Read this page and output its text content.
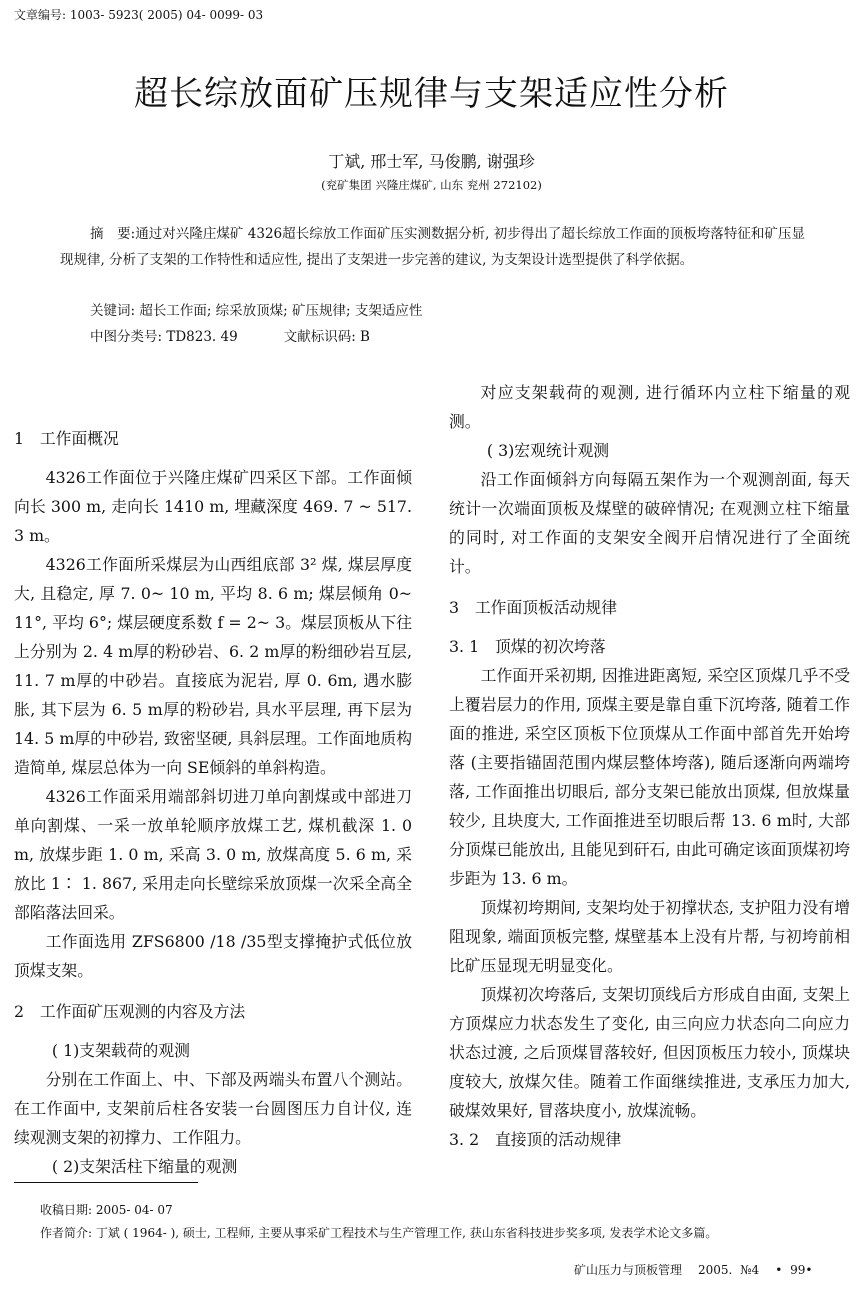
文章编号: 1003- 5923( 2005) 04- 0099- 03
超长综放面矿压规律与支架适应性分析
丁斌, 邢士军, 马俊鹏, 谢强珍
(兖矿集团 兴隆庄煤矿, 山东 兖州 272102)
摘　要:通过对兴隆庄煤矿 4326超长综放工作面矿压实测数据分析, 初步得出了超长综放工作面的顶板垮落特征和矿压显现规律, 分析了支架的工作特性和适应性, 提出了支架进一步完善的建议, 为支架设计选型提供了科学依据。
关键词: 超长工作面; 综采放顶煤; 矿压规律; 支架适应性
中图分类号: TD823. 49	文献标识码: B
1　工作面概况

4326工作面位于兴隆庄煤矿四采区下部。工作面倾向长 300 m, 走向长 1410 m, 埋藏深度 469. 7 ~ 517. 3 m。

4326工作面所采煤层为山西组底部 3² 煤, 煤层厚度大, 且稳定, 厚 7. 0~ 10 m, 平均 8. 6 m; 煤层倾角 0~ 11°, 平均 6°; 煤层硬度系数 f = 2~ 3。煤层顶板从下往上分别为 2. 4 m厚的粉砂岩、6. 2 m厚的粉细砂岩互层, 11. 7 m厚的中砂岩。直接底为泥岩, 厚 0. 6m, 遇水膨胀, 其下层为 6. 5 m厚的粉砂岩, 具水平层理, 再下层为 14. 5 m厚的中砂岩, 致密坚硬, 具斜层理。工作面地质构造简单, 煤层总体为一向 SE倾斜的单斜构造。

4326工作面采用端部斜切进刀单向割煤或中部进刀单向割煤、一采一放单轮顺序放煤工艺, 煤机截深 1. 0 m, 放煤步距 1. 0 m, 采高 3. 0 m, 放煤高度 5. 6 m, 采放比 1∶ 1. 867, 采用走向长壁综采放顶煤一次采全高全部陷落法回采。

工作面选用 ZFS6800 /18 /35型支撑掩护式低位放顶煤支架。

2　工作面矿压观测的内容及方法

( 1)支架载荷的观测

分别在工作面上、中、下部及两端头布置八个测站。在工作面中, 支架前后柱各安装一台圆图压力自计仪, 连续观测支架的初撑力、工作阻力。

( 2)支架活柱下缩量的观测

对应支架载荷的观测, 进行循环内立柱下缩量的观测。

( 3)宏观统计观测

沿工作面倾斜方向每隔五架作为一个观测剖面, 每天统计一次端面顶板及煤壁的破碎情况; 在观测立柱下缩量的同时, 对工作面的支架安全阀开启情况进行了全面统计。

3　工作面顶板活动规律
3. 1　顶煤的初次垮落

工作面开采初期, 因推进距离短, 采空区顶煤几乎不受上覆岩层力的作用, 顶煤主要是靠自重下沉垮落, 随着工作面的推进, 采空区顶板下位顶煤从工作面中部首先开始垮落 (主要指锚固范围内煤层整体垮落), 随后逐渐向两端垮落, 工作面推出切眼后, 部分支架已能放出顶煤, 但放煤量较少, 且块度大, 工作面推进至切眼后帮 13. 6 m时, 大部分顶煤已能放出, 且能见到矸石, 由此可确定该面顶煤初垮步距为 13. 6 m。

顶煤初垮期间, 支架均处于初撑状态, 支护阻力没有增阻现象, 端面顶板完整, 煤壁基本上没有片帮, 与初垮前相比矿压显现无明显变化。

顶煤初次垮落后, 支架切顶线后方形成自由面, 支架上方顶煤应力状态发生了变化, 由三向应力状态向二向应力状态过渡, 之后顶煤冒落较好, 但因顶板压力较小, 顶煤块度较大, 放煤欠佳。随着工作面继续推进, 支承压力加大, 破煤效果好, 冒落块度小, 放煤流畅。

3. 2　直接顶的活动规律
收稿日期: 2005- 04- 07
作者简介: 丁斌 ( 1964- ), 硕士, 工程师, 主要从事采矿工程技术与生产管理工作, 获山东省科技进步奖多项, 发表学术论文多篇。
矿山压力与顶板管理 2005. №4 • 99•
